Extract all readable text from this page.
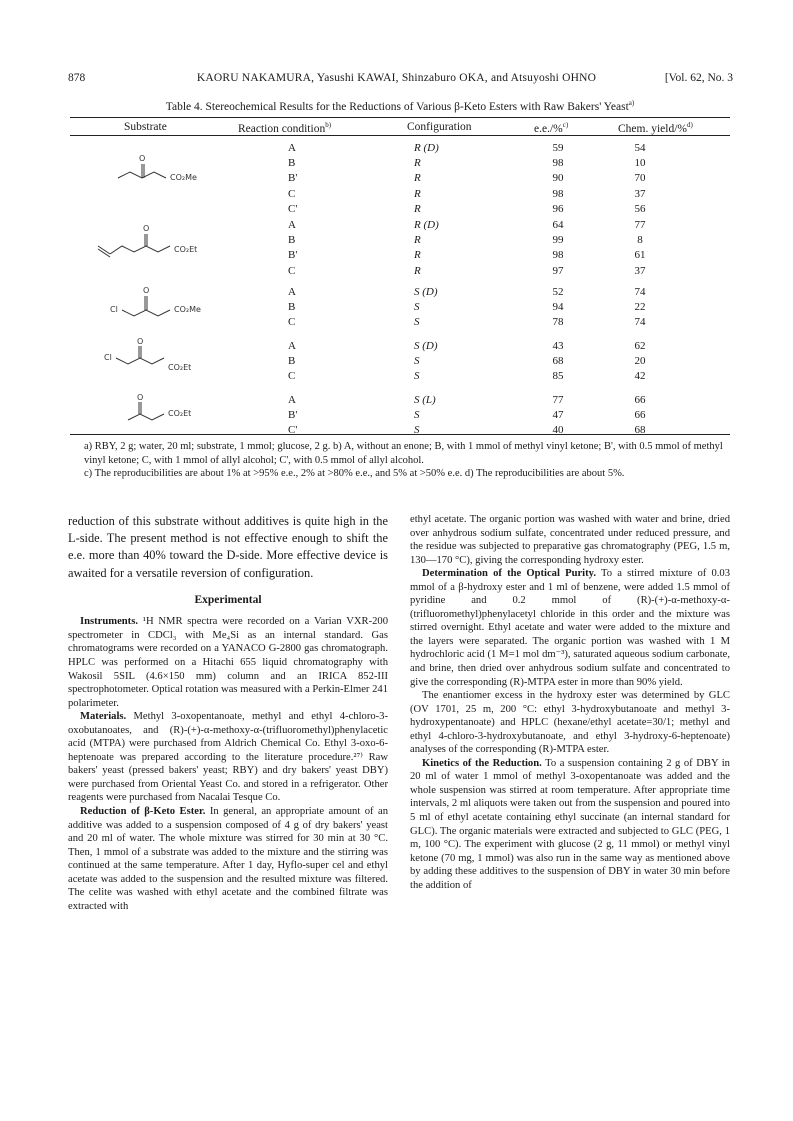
878	KAORU NAKAMURA, Yasushi KAWAI, Shinzaburo OKA, and Atsuyoshi OHNO	[Vol. 62, No. 3
Table 4. Stereochemical Results for the Reductions of Various β-Keto Esters with Raw Bakers' Yeast$^{a)}$
Substrate	Reaction condition$^{b)}$	Configuration	e.e./%$^{c)}$	Chem. yield/%$^{d)}$
A	R (D)	59	54
B	R	98	10
B'	R	90	70
C	R	98	37
C'	R	96	56
A	R (D)	64	77
B	R	99	8
B'	R	98	61
C	R	97	37
A	S (D)	52	74
B	S	94	22
C	S	78	74
A	S (D)	43	62
B	S	68	20
C	S	85	42
A	S (L)	77	66
B'	S	47	66
C'	S	40	68
O
CO₂Me
O
CO₂Et
Cl
O
CO₂Me
Cl
O
CO₂Et
O
CO₂Et

a) RBY, 2 g; water, 20 ml; substrate, 1 mmol; glucose, 2 g. b) A, without an enone; B, with 1 mmol of methyl vinyl ketone; B', with 0.5 mmol of methyl vinyl ketone; C, with 1 mmol of allyl alcohol; C', with 0.5 mmol of allyl alcohol.

c) The reproducibilities are about 1% at >95% e.e., 2% at >80% e.e., and 5% at >50% e.e. d) The reproducibilities are about 5%.

reduction of this substrate without additives is quite high in the L-side. The present method is not effective enough to shift the e.e. more than 40% toward the D-side. More effective device is awaited for a versatile reversion of configuration.

Experimental

Instruments. ¹H NMR spectra were recorded on a Varian VXR-200 spectrometer in CDCl₃ with Me₄Si as an internal standard. Gas chromatograms were recorded on a YANACO G-2800 gas chromatograph. HPLC was performed on a Hitachi 655 liquid chromatography with Wakosil 5SIL (4.6×150 mm) column and an IRICA 852-III spectrophotometer. Optical rotation was measured with a Perkin-Elmer 241 polarimeter.

Materials. Methyl 3-oxopentanoate, methyl and ethyl 4-chloro-3-oxobutanoates, and (R)-(+)-α-methoxy-α-(trifluoromethyl)phenylacetic acid (MTPA) were purchased from Aldrich Chemical Co. Ethyl 3-oxo-6-heptenoate was prepared according to the literature procedure.²⁷⁾ Raw bakers' yeast (pressed bakers' yeast; RBY) and dry bakers' yeast DBY) were purchased from Oriental Yeast Co. and stored in a refrigerator. Other reagents were purchased from Nacalai Tesque Co.

Reduction of β-Keto Ester. In general, an appropriate amount of an additive was added to a suspension composed of 4 g of dry bakers' yeast and 20 ml of water. The whole mixture was stirred for 30 min at 30 °C. Then, 1 mmol of a substrate was added to the mixture and the stirring was continued at the same temperature. After 1 day, Hyflo-super cel and ethyl acetate was added to the suspension and the resulted mixture was filtered. The celite was washed with ethyl acetate and the combined filtrate was extracted with

ethyl acetate. The organic portion was washed with water and brine, dried over anhydrous sodium sulfate, concentrated under reduced pressure, and the residue was subjected to preparative gas chromatography (PEG, 1.5 m, 130—170 °C), giving the corresponding hydroxy ester.

Determination of the Optical Purity. To a stirred mixture of 0.03 mmol of a β-hydroxy ester and 1 ml of benzene, were added 1.5 mmol of pyridine and 0.2 mmol of (R)-(+)-α-methoxy-α-(trifluoromethyl)phenylacetyl chloride in this order and the mixture was stirred overnight. Ethyl acetate and water were added to the mixture and the layers were separated. The organic portion was washed with 1 M hydrochloric acid (1 M=1 mol dm⁻³), saturated aqueous sodium carbonate, and brine, then dried over anhydrous sodium sulfate and concentrated to give the corresponding (R)-MTPA ester in more than 90% yield.

The enantiomer excess in the hydroxy ester was determined by GLC (OV 1701, 25 m, 200 °C: ethyl 3-hydroxybutanoate and methyl 3-hydroxypentanoate) and HPLC (hexane/ethyl acetate=30/1; methyl and ethyl 4-chloro-3-hydroxybutanoate, and ethyl 3-hydroxy-6-heptenoate) analyses of the corresponding (R)-MTPA ester.

Kinetics of the Reduction. To a suspension containing 2 g of DBY in 20 ml of water 1 mmol of methyl 3-oxopentanoate was added and the whole suspension was stirred at room temperature. After appropriate time intervals, 2 ml aliquots were taken out from the suspension and poured into 5 ml of ethyl acetate containing ethyl succinate (an internal standard for GLC). The organic materials were extracted and subjected to GLC (PEG, 1 m, 100 °C). The experiment with glucose (2 g, 11 mmol) or methyl vinyl ketone (70 mg, 1 mmol) was also run in the same way as mentioned above by adding these additives to the suspension of DBY in water 30 min before the addition of
